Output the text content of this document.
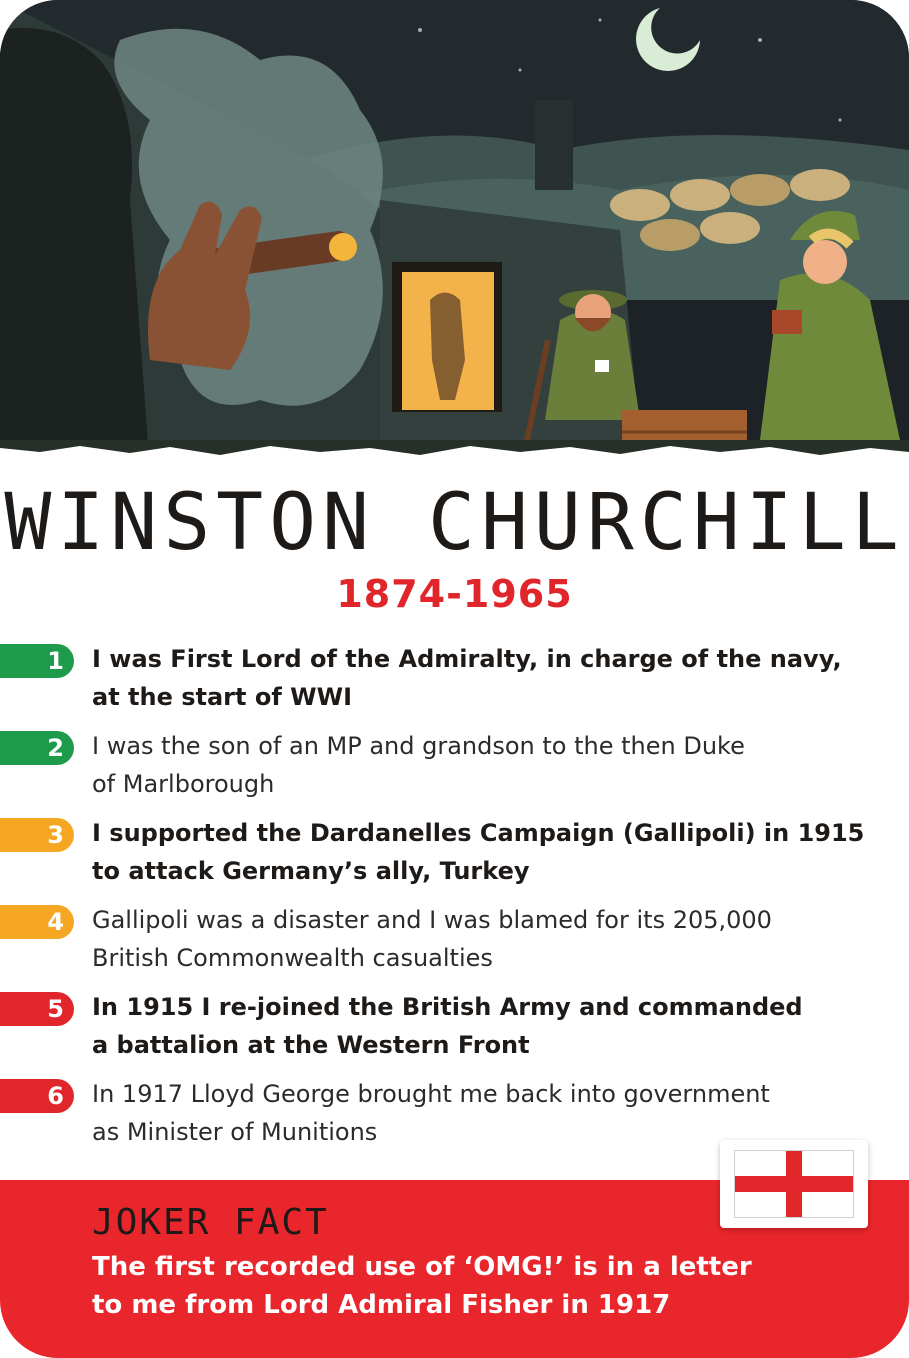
WINSTON CHURCHILL
1874-1965
1 I was First Lord of the Admiralty, in charge of the navy,
at the start of WWI
2 I was the son of an MP and grandson to the then Duke
of Marlborough
3 I supported the Dardanelles Campaign (Gallipoli) in 1915
to attack Germany’s ally, Turkey
4 Gallipoli was a disaster and I was blamed for its 205,000
British Commonwealth casualties
5 In 1915 I re-joined the British Army and commanded
a battalion at the Western Front
6 In 1917 Lloyd George brought me back into government
as Minister of Munitions
JOKER FACT
The first recorded use of ‘OMG!’ is in a letter
to me from Lord Admiral Fisher in 1917
